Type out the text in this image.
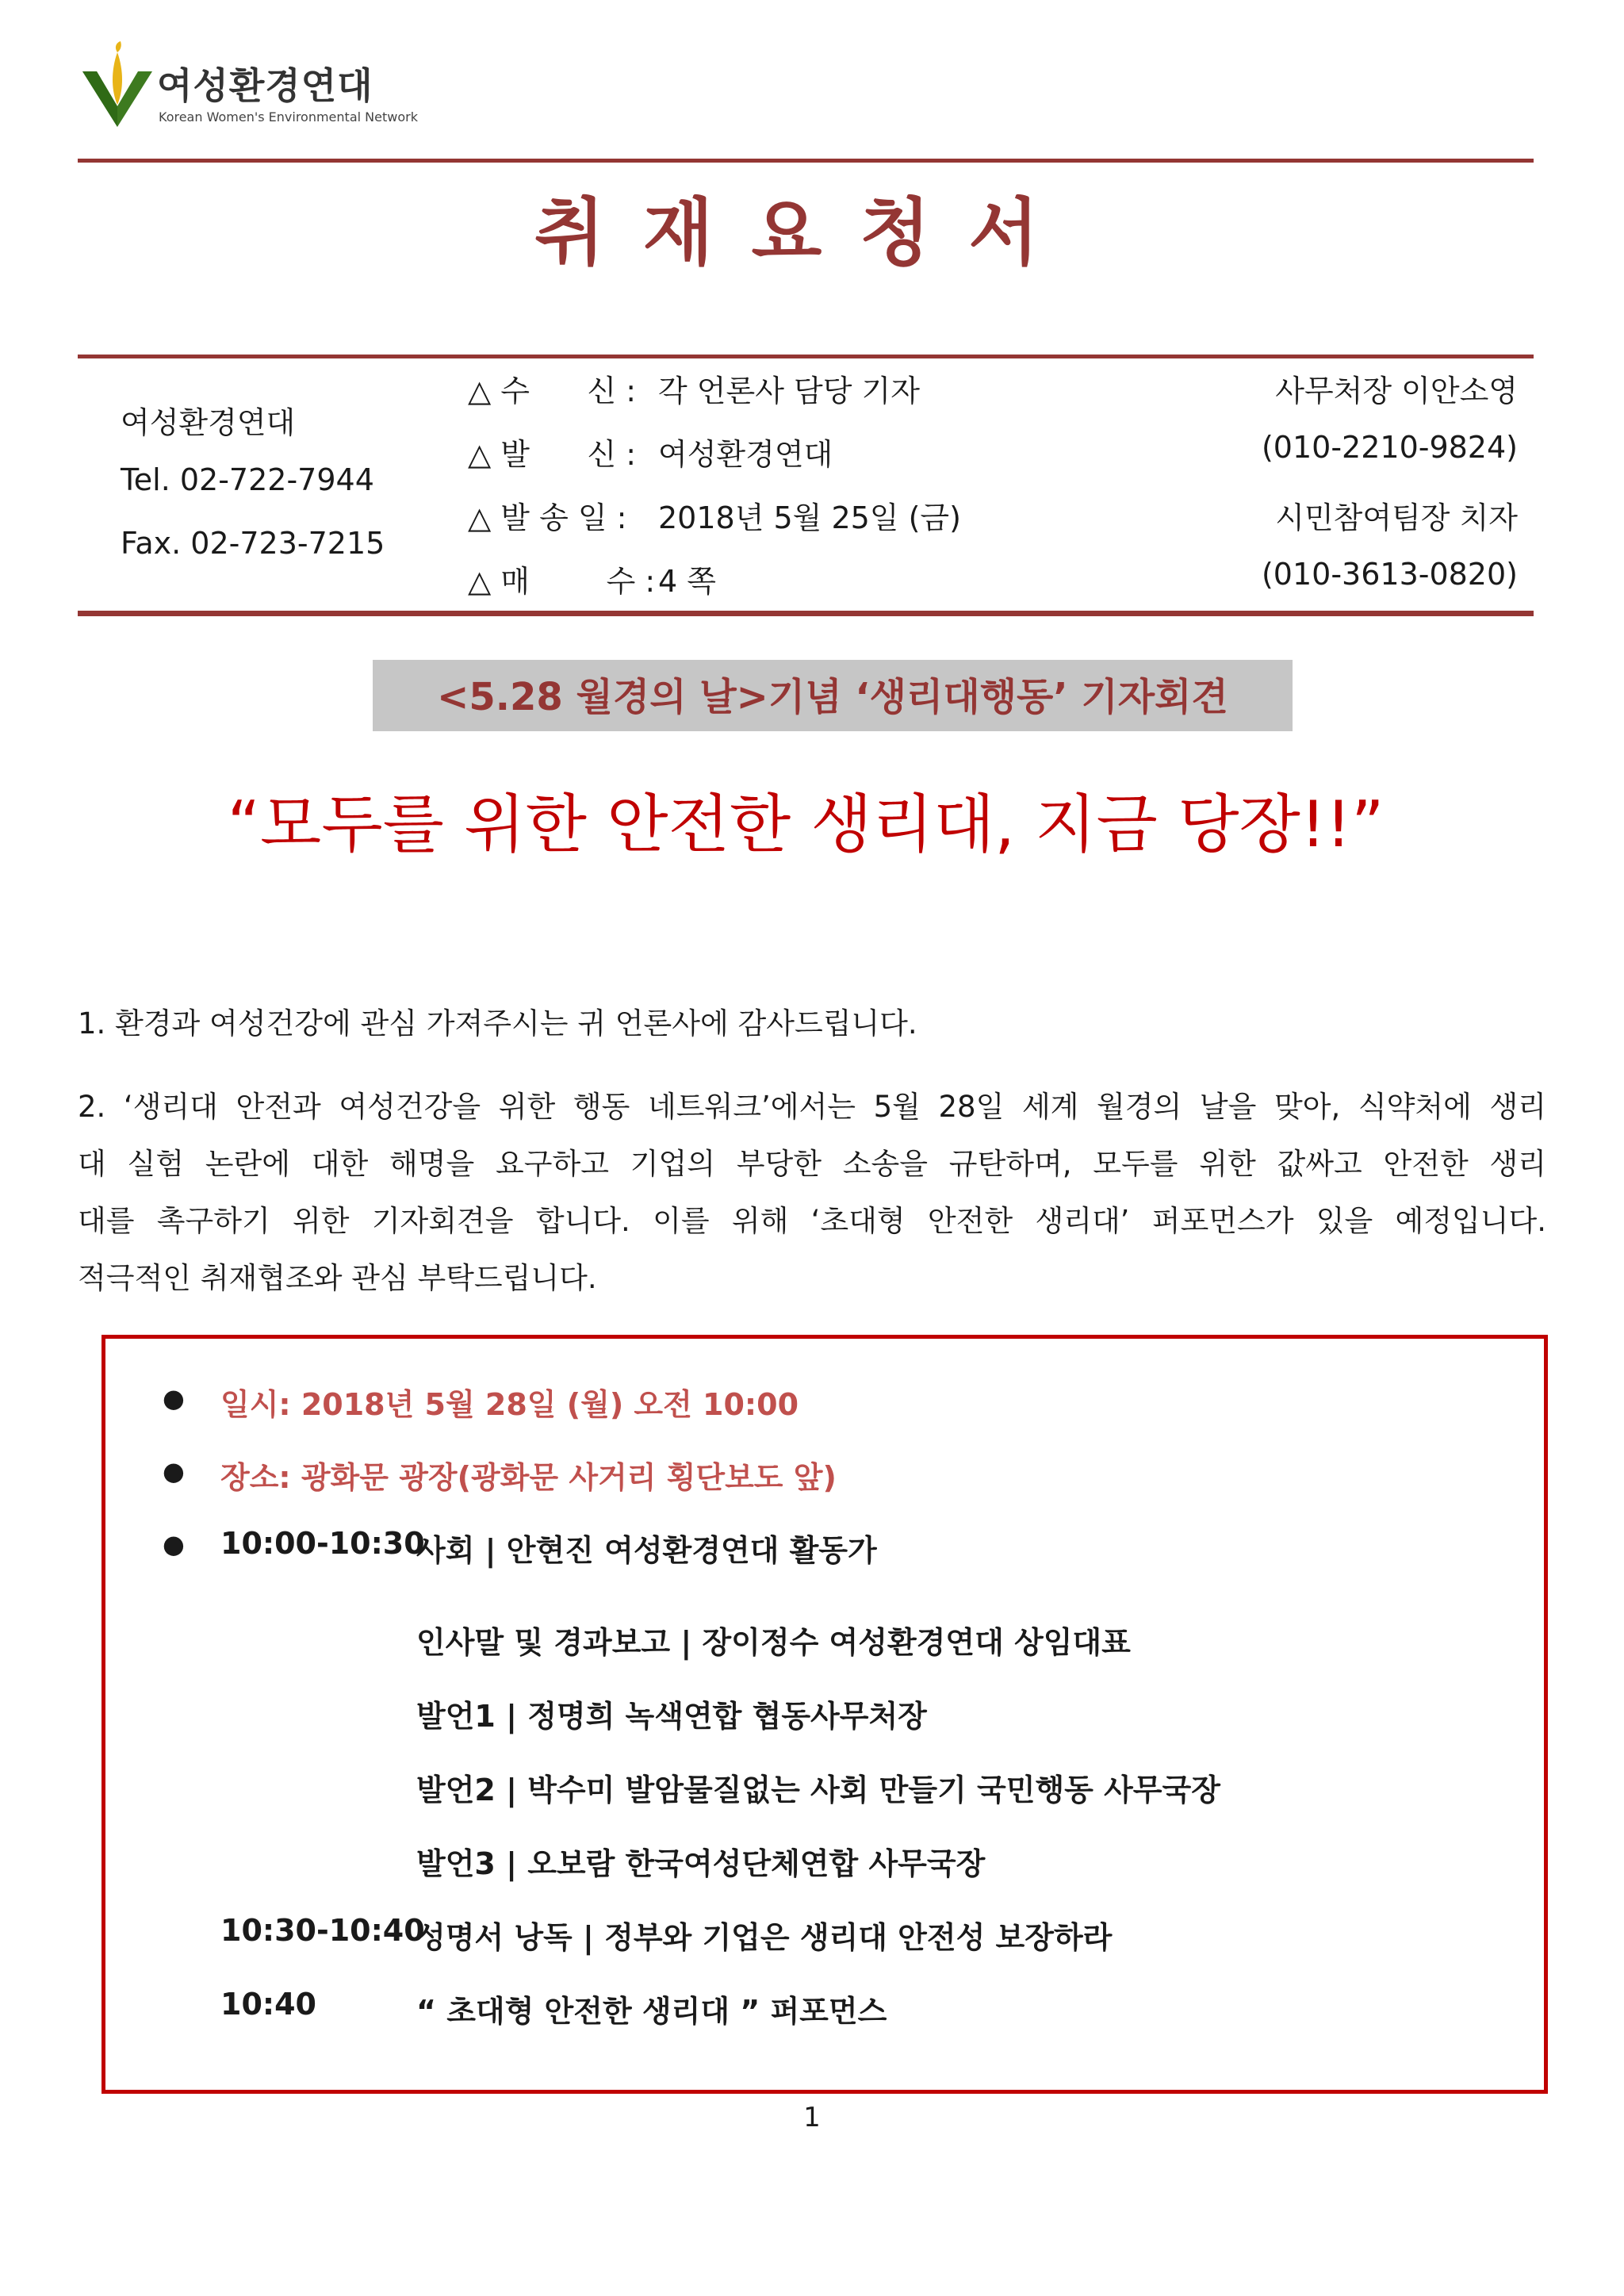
여성환경연대
Korean Women's Environmental Network
취재요청서
여성환경연대
Tel. 02-722-7944
Fax. 02-723-7215
△ 수      신 : 각 언론사 담당 기자
△ 발      신 : 여성환경연대
△ 발 송 일 : 2018년 5월 25일 (금)
△ 매        수 :4 쪽
사무처장 이안소영
(010-2210-9824)
시민참여팀장 치자
(010-3613-0820)
<5.28 월경의 날>기념 ‘생리대행동’ 기자회견
“모두를 위한 안전한 생리대, 지금 당장!!”
1. 환경과 여성건강에 관심 가져주시는 귀 언론사에 감사드립니다.
2. ‘생리대 안전과 여성건강을 위한 행동 네트워크’에서는 5월 28일 세계 월경의 날을 맞아, 식약처에 생리
대 실험 논란에 대한 해명을 요구하고 기업의 부당한 소송을 규탄하며, 모두를 위한 값싸고 안전한 생리
대를 촉구하기 위한 기자회견을 합니다. 이를 위해 ‘초대형 안전한 생리대’ 퍼포먼스가 있을 예정입니다.
적극적인 취재협조와 관심 부탁드립니다.
● 일시: 2018년 5월 28일 (월) 오전 10:00
● 장소: 광화문 광장(광화문 사거리 횡단보도 앞)
● 10:00-10:30
사회 | 안현진 여성환경연대 활동가
인사말 및 경과보고 | 장이정수 여성환경연대 상임대표
발언1 | 정명희 녹색연합 협동사무처장
발언2 | 박수미 발암물질없는 사회 만들기 국민행동 사무국장
발언3 | 오보람 한국여성단체연합 사무국장
10:30-10:40
성명서 낭독 | 정부와 기업은 생리대 안전성 보장하라
10:40	“ 초대형 안전한 생리대 ” 퍼포먼스
1
